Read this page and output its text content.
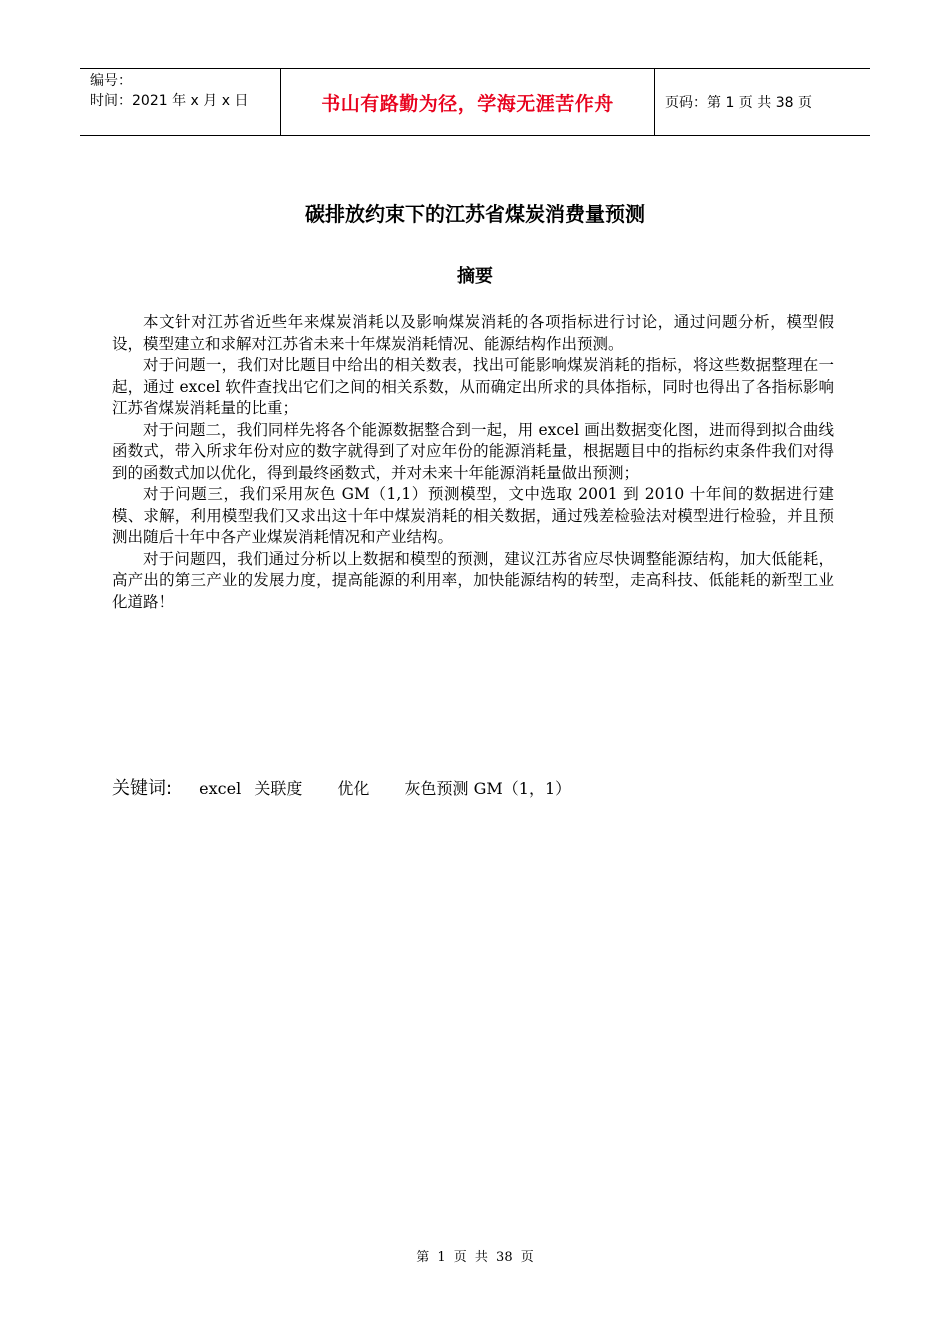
编号：
时间：2021 年 x 月 x 日	书山有路勤为径，学海无涯苦作舟	页码：第 1 页 共 38 页
碳排放约束下的江苏省煤炭消费量预测
摘要

本文针对江苏省近些年来煤炭消耗以及影响煤炭消耗的各项指标进行讨论，通过问题分析，模型假设，模型建立和求解对江苏省未来十年煤炭消耗情况、能源结构作出预测。

对于问题一，我们对比题目中给出的相关数表，找出可能影响煤炭消耗的指标，将这些数据整理在一起，通过 excel 软件查找出它们之间的相关系数，从而确定出所求的具体指标，同时也得出了各指标影响江苏省煤炭消耗量的比重；

对于问题二，我们同样先将各个能源数据整合到一起，用 excel 画出数据变化图，进而得到拟合曲线函数式，带入所求年份对应的数字就得到了对应年份的能源消耗量，根据题目中的指标约束条件我们对得到的函数式加以优化，得到最终函数式，并对未来十年能源消耗量做出预测；

对于问题三，我们采用灰色 GM（1,1）预测模型，文中选取 2001 到 2010 十年间的数据进行建模、求解，利用模型我们又求出这十年中煤炭消耗的相关数据，通过残差检验法对模型进行检验，并且预测出随后十年中各产业煤炭消耗情况和产业结构。

对于问题四，我们通过分析以上数据和模型的预测，建议江苏省应尽快调整能源结构，加大低能耗，高产出的第三产业的发展力度，提高能源的利用率，加快能源结构的转型，走高科技、低能耗的新型工业化道路！

关键词: excel 关联度 优化 灰色预测 GM（1，1）
第 1 页 共 38 页
